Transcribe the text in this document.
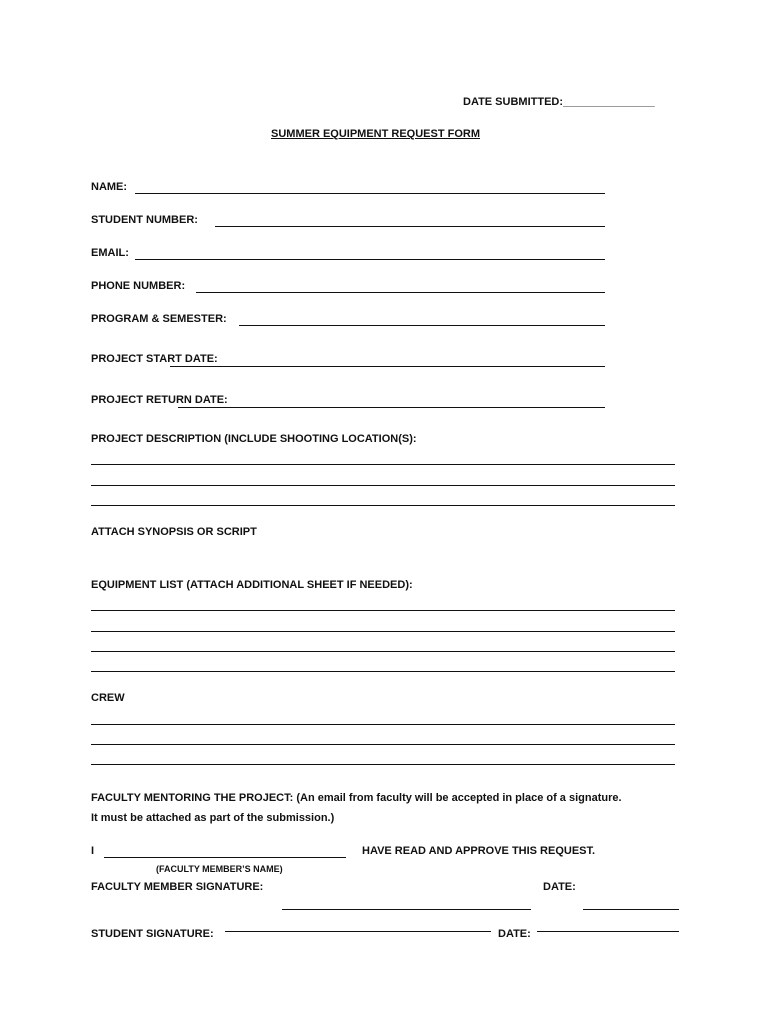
DATE SUBMITTED:_______________
SUMMER EQUIPMENT REQUEST FORM
NAME:
STUDENT NUMBER:
EMAIL:
PHONE NUMBER:
PROGRAM & SEMESTER:
PROJECT START DATE:
PROJECT RETURN DATE:
PROJECT DESCRIPTION (INCLUDE SHOOTING LOCATION(S):
ATTACH SYNOPSIS OR SCRIPT
EQUIPMENT LIST (ATTACH ADDITIONAL SHEET IF NEEDED):
CREW
FACULTY MENTORING THE PROJECT: (An email from faculty will be accepted in place of a signature.
It must be attached as part of the submission.)
I	HAVE READ AND APPROVE THIS REQUEST.
(FACULTY MEMBER’S NAME)
FACULTY MEMBER SIGNATURE:	DATE:
STUDENT SIGNATURE:	DATE:
